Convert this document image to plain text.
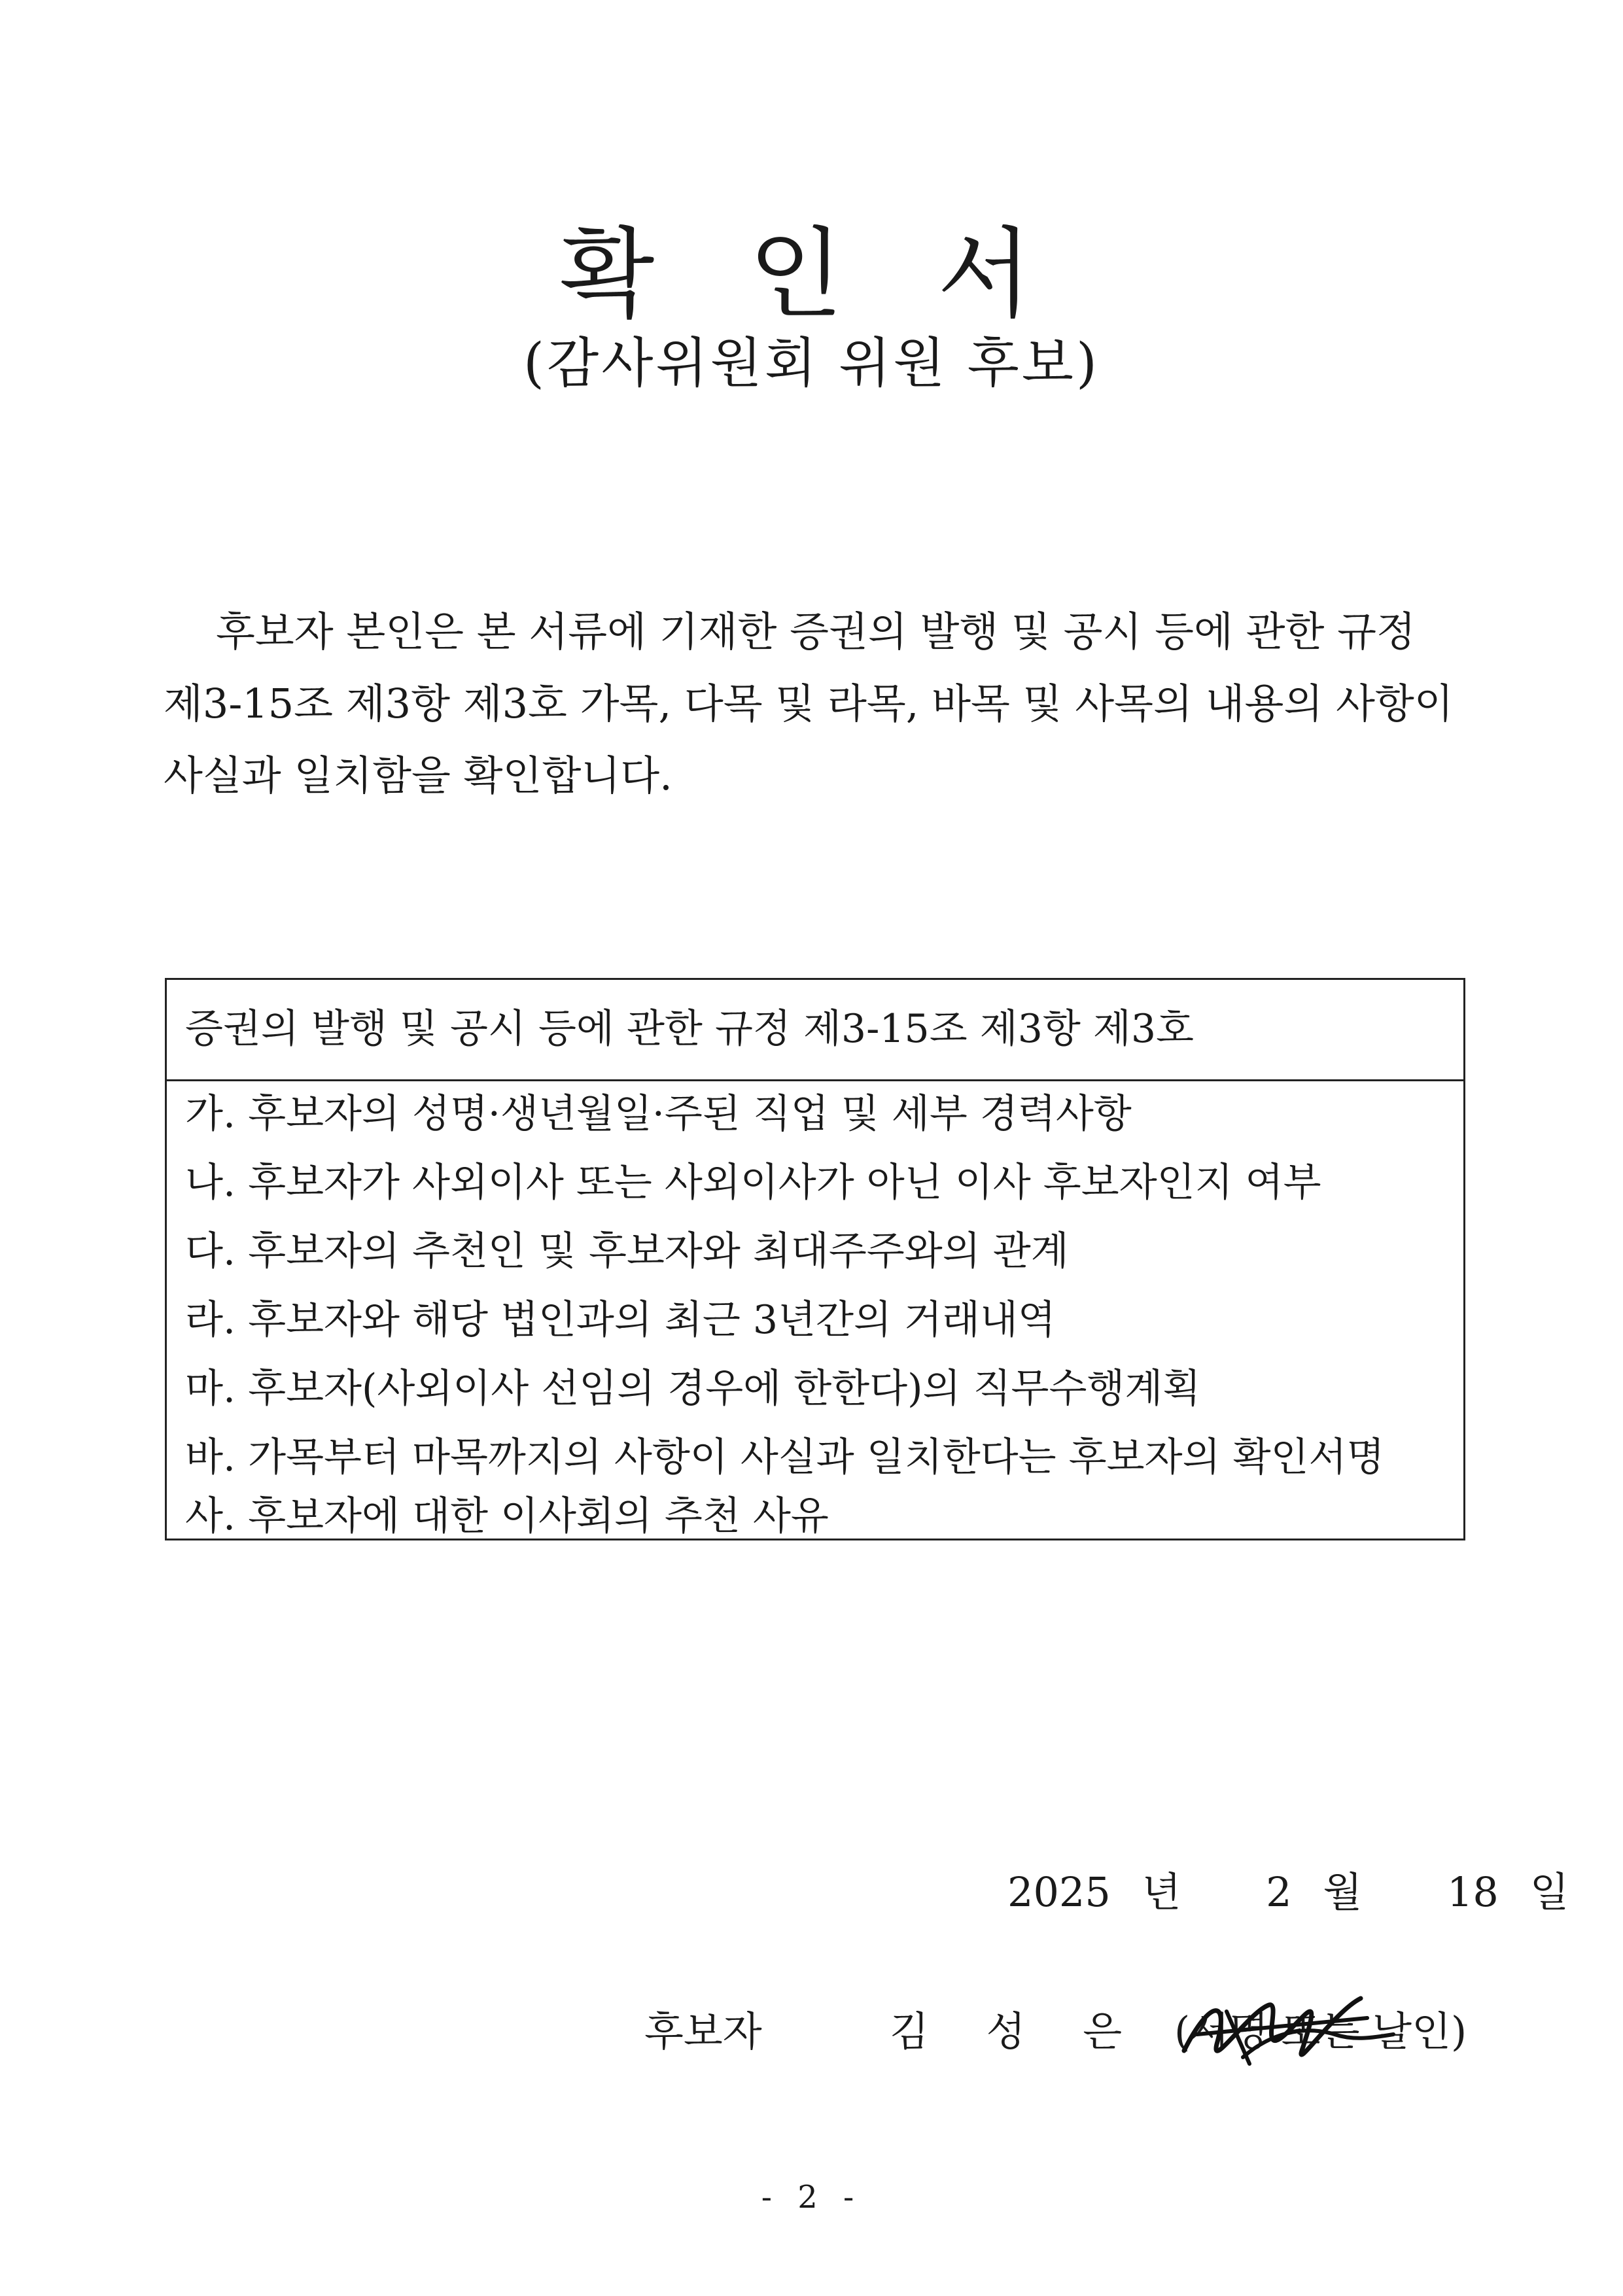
확 인 서
(감사위원회 위원 후보)
후보자 본인은 본 서류에 기재한 증권의 발행 및 공시 등에 관한 규정
제3-15조 제3항 제3호 가목, 다목 및 라목, 바목 및 사목의 내용의 사항이
사실과 일치함을 확인합니다.
증권의 발행 및 공시 등에 관한 규정 제3-15조 제3항 제3호
가. 후보자의 성명·생년월일·주된 직업 및 세부 경력사항
나. 후보자가 사외이사 또는 사외이사가 아닌 이사 후보자인지 여부
다. 후보자의 추천인 및 후보자와 최대주주와의 관계
라. 후보자와 해당 법인과의 최근 3년간의 거래내역
마. 후보자(사외이사 선임의 경우에 한한다)의 직무수행계획
바. 가목부터 마목까지의 사항이 사실과 일치한다는 후보자의 확인서명
사. 후보자에 대한 이사회의 추천 사유
2025 년 2 월 18 일
후보자	김 성 은 (서명 또는 날인)
- 2 -
